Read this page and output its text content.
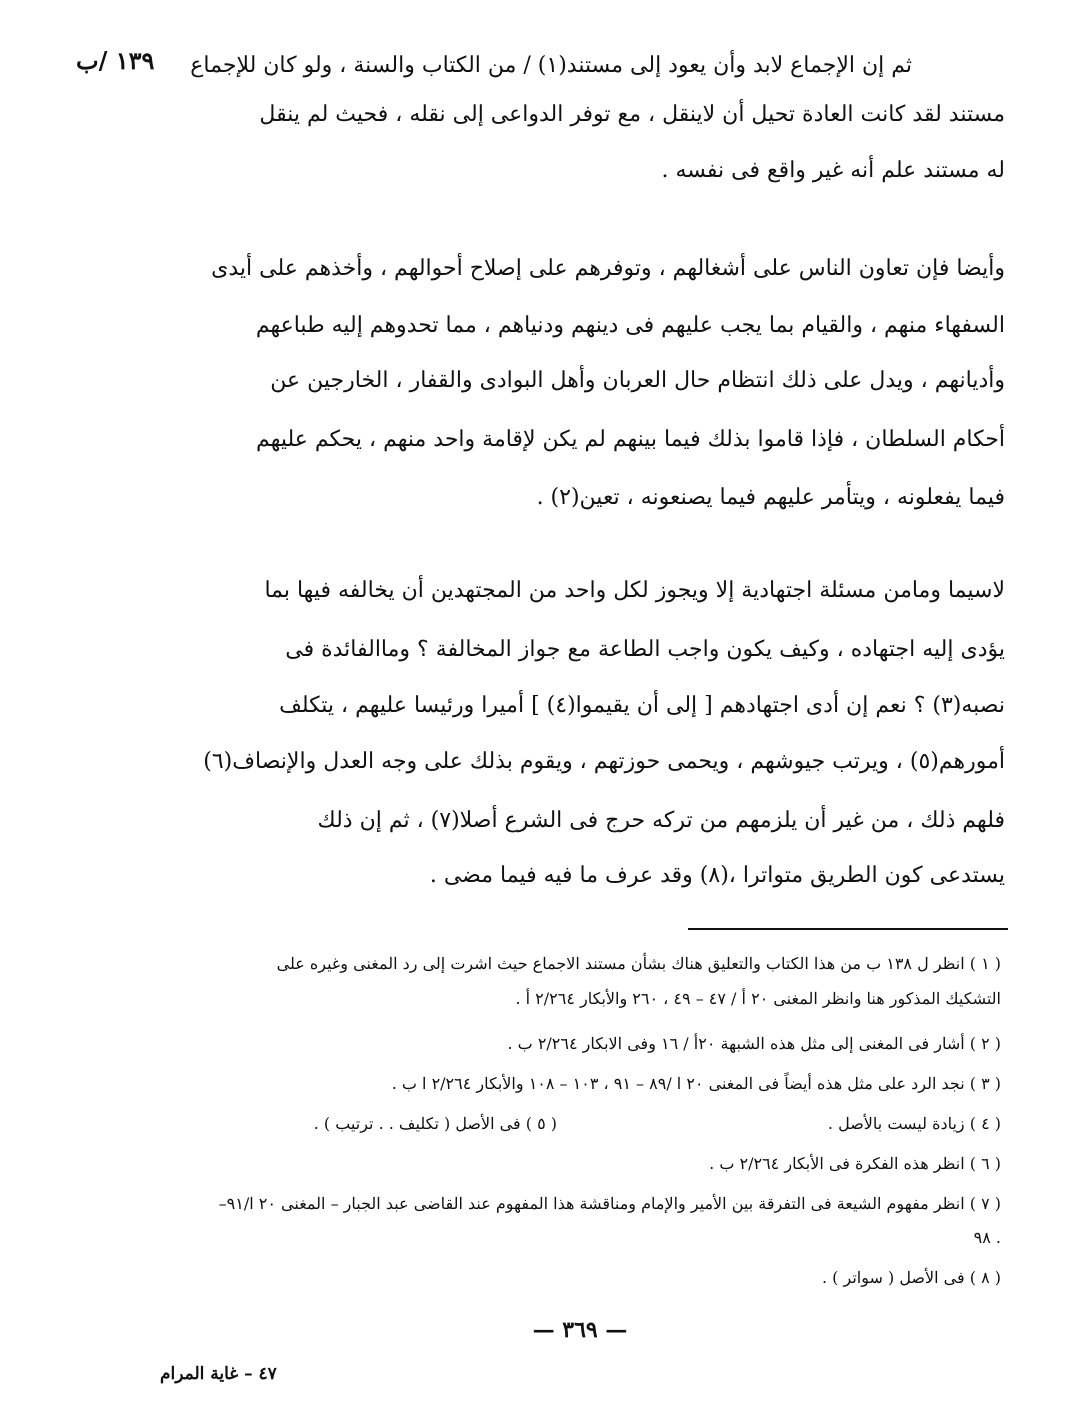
١٣٩ /ب	ثم إن الإجماع لابد وأن يعود إلى مستند(١) / من الكتاب والسنة ، ولو كان للإجماع
مستند لقد كانت العادة تحيل أن لاينقل ، مع توفر الدواعى إلى نقله ، فحيث لم ينقل
له مستند علم أنه غير واقع فى نفسه .
وأيضا فإن تعاون الناس على أشغالهم ، وتوفرهم على إصلاح أحوالهم ، وأخذهم على أيدى
السفهاء منهم ، والقيام بما يجب عليهم فى دينهم ودنياهم ، مما تحدوهم إليه طباعهم
وأديانهم ، ويدل على ذلك انتظام حال العربان وأهل البوادى والقفار ، الخارجين عن
أحكام السلطان ، فإذا قاموا بذلك فيما بينهم لم يكن لإقامة واحد منهم ، يحكم عليهم
فيما يفعلونه ، ويتأمر عليهم فيما يصنعونه ، تعين(٢) .
لاسيما ومامن مسئلة اجتهادية إلا ويجوز لكل واحد من المجتهدين أن يخالفه فيها بما
يؤدى إليه اجتهاده ، وكيف يكون واجب الطاعة مع جواز المخالفة ؟ وماالفائدة فى
نصبه(٣) ؟ نعم إن أدى اجتهادهم [ إلى أن يقيموا(٤) ] أميرا ورئيسا عليهم ، يتكلف
أمورهم(٥) ، ويرتب جيوشهم ، ويحمى حوزتهم ، ويقوم بذلك على وجه العدل والإنصاف(٦)
فلهم ذلك ، من غير أن يلزمهم من تركه حرج فى الشرع أصلا(٧) ، ثم إن ذلك
يستدعى كون الطريق متواترا ،(٨) وقد عرف ما فيه فيما مضى .
( ١ ) انظر ل ١٣٨ ب من هذا الكتاب والتعليق هناك بشأن مستند الاجماع حيث اشرت إلى رد المغنى وغيره على
التشكيك المذكور هنا وانظر المغنى ٢٠ أ / ٤٧ – ٤٩ ، ٢٦٠ والأبكار ٢/٢٦٤ أ .
( ٢ ) أشار فى المغنى إلى مثل هذه الشبهة ٢٠أ / ١٦ وفى الابكار ٢/٢٦٤ ب .
( ٣ ) نجد الرد على مثل هذه أيضاً فى المغنى ٢٠ ا /٨٩ – ٩١ ، ١٠٣ – ١٠٨ والأبكار ٢/٢٦٤ ا ب .
( ٤ ) زيادة ليست بالأصل .
( ٥ ) فى الأصل ( تكليف . . ترتيب ) .
( ٦ ) انظر هذه الفكرة فى الأبكار ٢/٢٦٤ ب .
( ٧ ) انظر مفهوم الشيعة فى التفرقة بين الأمير والإمام ومناقشة هذا المفهوم عند القاضى عبد الجبار – المغنى ٢٠ ا/٩١–
٩٨ .
( ٨ ) فى الأصل ( سواتر ) .
— ٣٦٩ —
٤٧ – غاية المرام
